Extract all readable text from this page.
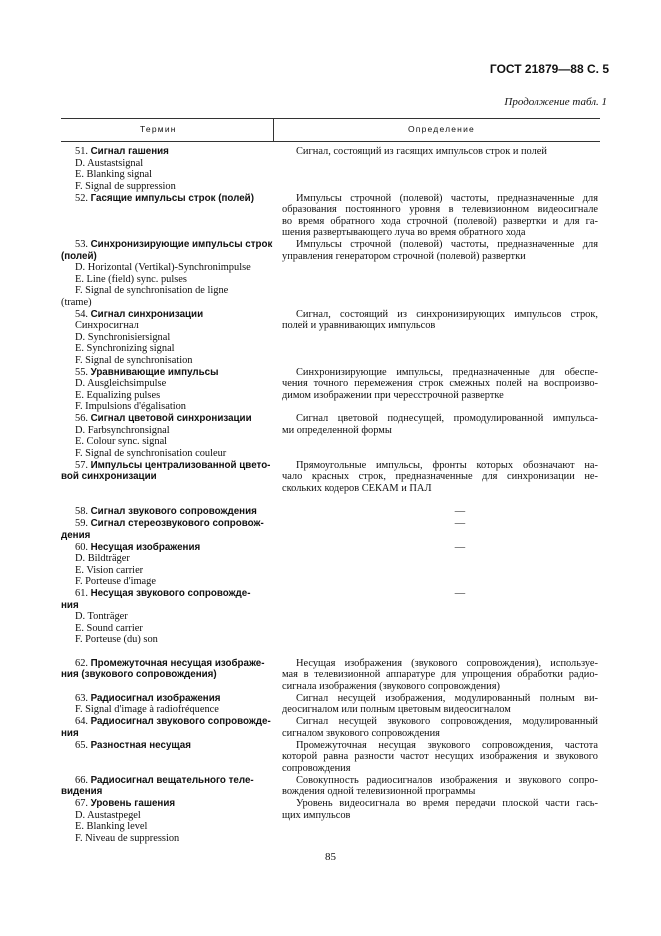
ГОСТ 21879—88 С. 5
Продолжение табл. 1
Термин	Определение
51. Сигнал гашения
D. Austastsignal
E. Blanking signal
F. Signal de suppression
52. Гасящие импульсы строк (полей)
53. Синхронизирующие импульсы строк
(полей)
D. Horizontal (Vertikal)-Synchronimpulse
E. Line (field) sync. pulses
F. Signal de synchronisation de ligne
(trame)
54. Сигнал синхронизации
Синхросигнал
D. Synchronisiersignal
E. Synchronizing signal
F. Signal de synchronisation
55. Уравнивающие импульсы
D. Ausgleichsimpulse
E. Equalizing pulses
F. Impulsions d'égalisation
56. Сигнал цветовой синхронизации
D. Farbsynchronsignal
E. Colour sync. signal
F. Signal de synchronisation couleur
57. Импульсы централизованной цвето-
вой синхронизации
58. Сигнал звукового сопровождения
59. Сигнал стереозвукового сопровож-
дения
60. Несущая изображения
D. Bildträger
E. Vision carrier
F. Porteuse d'image
61. Несущая звукового сопровожде-
ния
D. Tonträger
E. Sound carrier
F. Porteuse (du) son
62. Промежуточная несущая изображе-
ния (звукового сопровождения)
63. Радиосигнал изображения
F. Signal d'image à radiofréquence
64. Радиосигнал звукового сопровожде-
ния
65. Разностная несущая
66. Радиосигнал вещательного теле-
видения
67. Уровень гашения
D. Austastpegel
E. Blanking level
F. Niveau de suppression
Сигнал, состоящий из гасящих импульсов строк и полей
Импульсы строчной (полевой) частоты, предназначенные для
образования постоянного уровня в телевизионном видеосигнале
во время обратного хода строчной (полевой) развертки и для га-
шения развертывающего луча во время обратного хода
Импульсы строчной (полевой) частоты, предназначенные для
управления генератором строчной (полевой) развертки
Сигнал, состоящий из синхронизирующих импульсов строк,
полей и уравнивающих импульсов
Синхронизирующие импульсы, предназначенные для обеспе-
чения точного перемежения строк смежных полей на воспроизво-
димом изображении при чересстрочной развертке
Сигнал цветовой поднесущей, промодулированной импульса-
ми определенной формы
Прямоугольные импульсы, фронты которых обозначают на-
чало красных строк, предназначенные для синхронизации не-
скольких кодеров СЕКАМ и ПАЛ
—
—
—
—
Несущая изображения (звукового сопровождения), используе-
мая в телевизионной аппаратуре для упрощения обработки радио-
сигнала изображения (звукового сопровождения)
Сигнал несущей изображения, модулированный полным ви-
деосигналом или полным цветовым видеосигналом
Сигнал несущей звукового сопровождения, модулированный
сигналом звукового сопровождения
Промежуточная несущая звукового сопровождения, частота
которой равна разности частот несущих изображения и звукового
сопровождения
Совокупность радиосигналов изображения и звукового сопро-
вождения одной телевизионной программы
Уровень видеосигнала во время передачи плоской части гась-
щих импульсов
85
